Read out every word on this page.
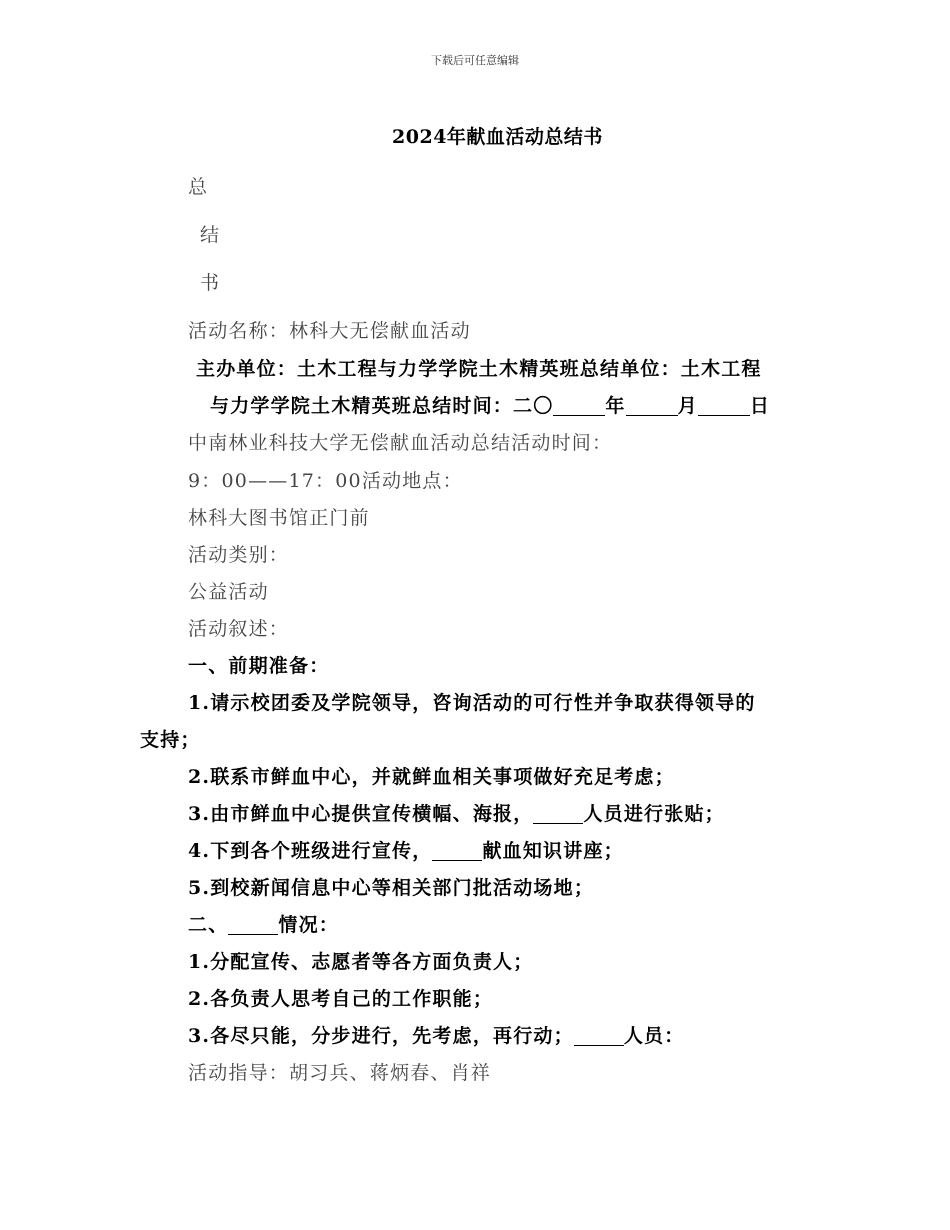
下载后可任意编辑
2024年献血活动总结书
总
结
书
活动名称：林科大无偿献血活动
主办单位：土木工程与力学学院土木精英班总结单位：土木工程
与力学学院土木精英班总结时间：二〇	年	月	日
中南林业科技大学无偿献血活动总结活动时间：
9：00——17：00活动地点：
林科大图书馆正门前
活动类别：
公益活动
活动叙述：
一、前期准备：
1.请示校团委及学院领导，咨询活动的可行性并争取获得领导的
支持；
2.联系市鲜血中心，并就鲜血相关事项做好充足考虑；
3.由市鲜血中心提供宣传横幅、海报，	人员进行张贴；
4.下到各个班级进行宣传，	献血知识讲座；
5.到校新闻信息中心等相关部门批活动场地；
二、	情况：
1.分配宣传、志愿者等各方面负责人；
2.各负责人思考自己的工作职能；
3.各尽只能，分步进行，先考虑，再行动；	人员：
活动指导：胡习兵、蒋炳春、肖祥
